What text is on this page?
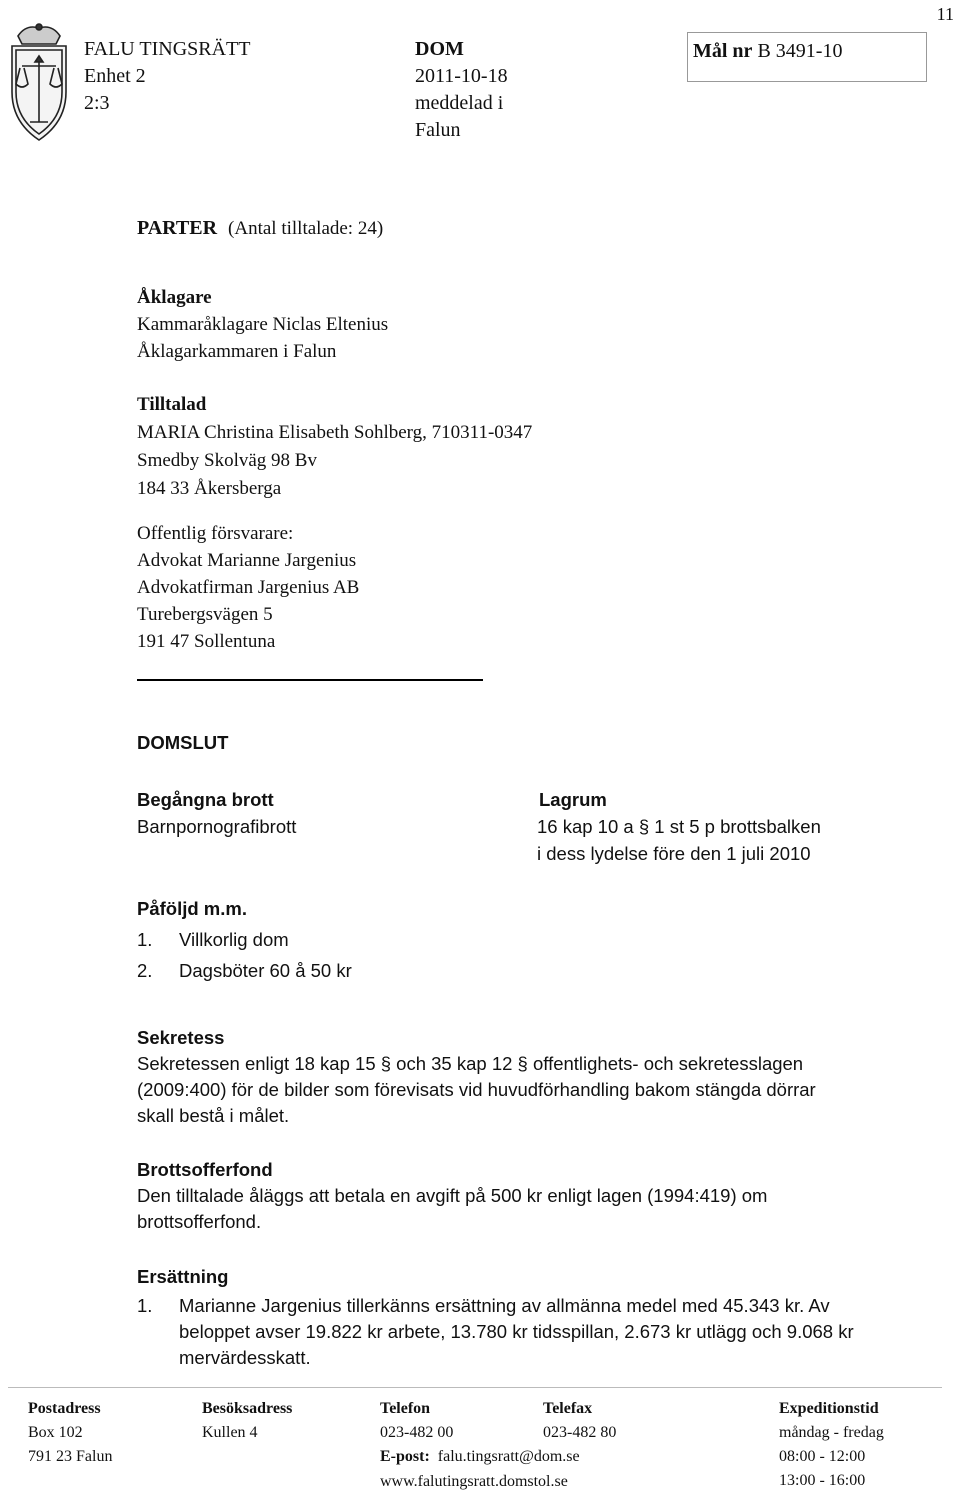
11
FALU TINGSRÄTT
Enhet 2
2:3
DOM
2011-10-18
meddelad i
Falun
Mål nr B 3491-10
PARTER (Antal tilltalade: 24)
Åklagare
Kammaråklagare Niclas Eltenius
Åklagarkammaren i Falun
Tilltalad
MARIA Christina Elisabeth Sohlberg, 710311-0347
Smedby Skolväg 98 Bv
184 33 Åkersberga
Offentlig försvarare:
Advokat Marianne Jargenius
Advokatfirman Jargenius AB
Turebergsvägen 5
191 47 Sollentuna
DOMSLUT
Begångna brott
Barnpornografibrott
Lagrum
16 kap 10 a § 1 st 5 p brottsbalken
i dess lydelse före den 1 juli 2010
Påföljd m.m.
1. Villkorlig dom
2. Dagsböter 60 å 50 kr
Sekretess
Sekretessen enligt 18 kap 15 § och 35 kap 12 § offentlighets- och sekretesslagen
(2009:400) för de bilder som förevisats vid huvudförhandling bakom stängda dörrar
skall bestå i målet.
Brottsofferfond
Den tilltalade åläggs att betala en avgift på 500 kr enligt lagen (1994:419) om
brottsofferfond.
Ersättning
1. Marianne Jargenius tillerkänns ersättning av allmänna medel med 45.343 kr. Av
beloppet avser 19.822 kr arbete, 13.780 kr tidsspillan, 2.673 kr utlägg och 9.068 kr
mervärdesskatt.
Postadress
Box 102
791 23 Falun
Besöksadress
Kullen 4
Telefon
023-482 00
E-post: falu.tingsratt@dom.se
www.falutingsratt.domstol.se
Telefax
023-482 80
Expeditionstid
måndag - fredag
08:00 - 12:00
13:00 - 16:00
